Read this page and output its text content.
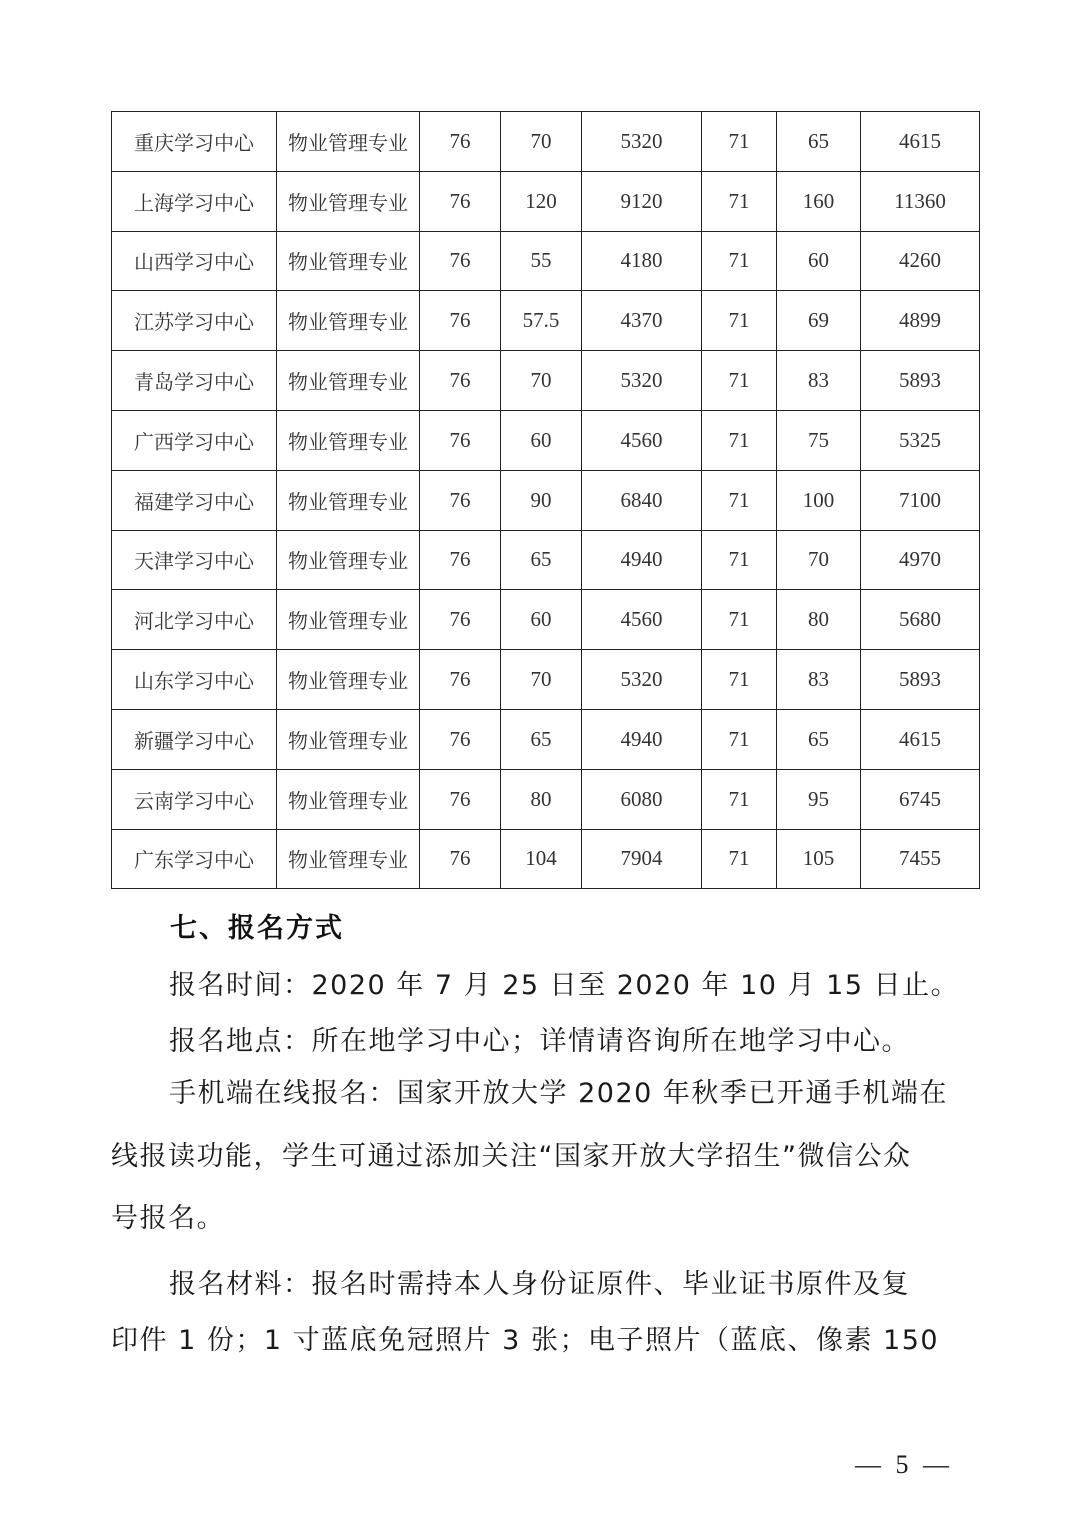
重庆学习中心	物业管理专业	76	70	5320	71	65	4615
上海学习中心	物业管理专业	76	120	9120	71	160	11360
山西学习中心	物业管理专业	76	55	4180	71	60	4260
江苏学习中心	物业管理专业	76	57.5	4370	71	69	4899
青岛学习中心	物业管理专业	76	70	5320	71	83	5893
广西学习中心	物业管理专业	76	60	4560	71	75	5325
福建学习中心	物业管理专业	76	90	6840	71	100	7100
天津学习中心	物业管理专业	76	65	4940	71	70	4970
河北学习中心	物业管理专业	76	60	4560	71	80	5680
山东学习中心	物业管理专业	76	70	5320	71	83	5893
新疆学习中心	物业管理专业	76	65	4940	71	65	4615
云南学习中心	物业管理专业	76	80	6080	71	95	6745
广东学习中心	物业管理专业	76	104	7904	71	105	7455
七、报名方式

报名时间：2020 年 7 月 25 日至 2020 年 10 月 15 日止。

报名地点：所在地学习中心；详情请咨询所在地学习中心。

手机端在线报名：国家开放大学 2020 年秋季已开通手机端在

线报读功能，学生可通过添加关注“国家开放大学招生”微信公众

号报名。

报名材料：报名时需持本人身份证原件、毕业证书原件及复

印件 1 份；1 寸蓝底免冠照片 3 张；电子照片（蓝底、像素 150

— 5 —
